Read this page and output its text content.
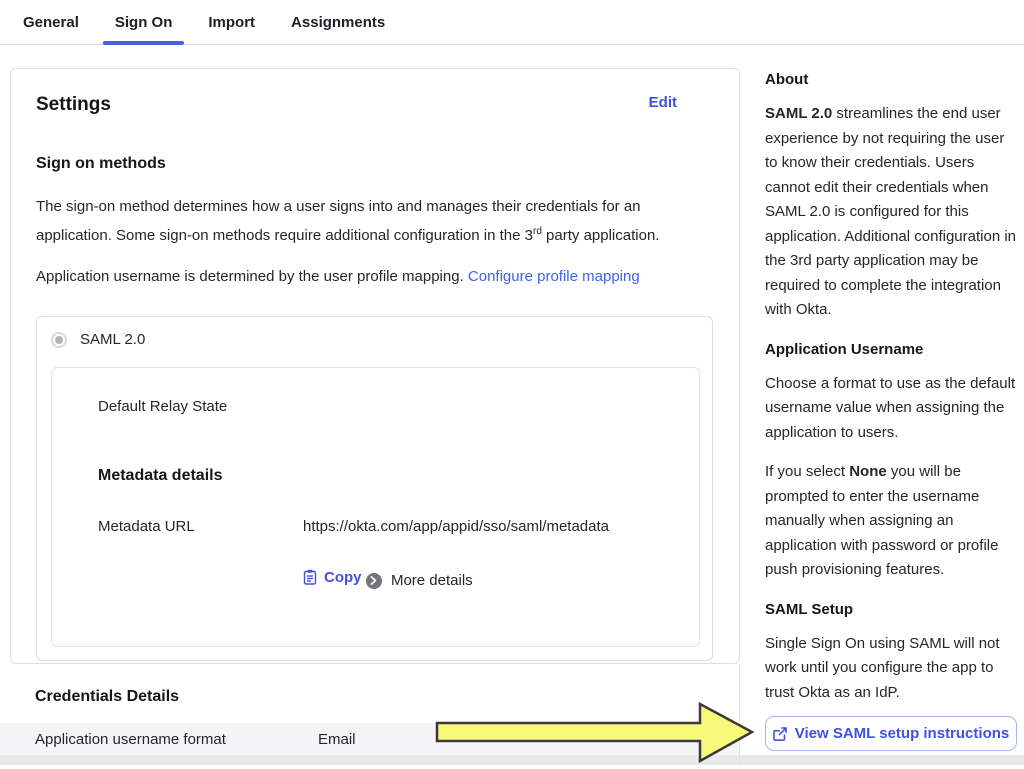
General	Sign On	Import	Assignments
Settings	Edit
Sign on methods

The sign-on method determines how a user signs into and manages their credentials for an application. Some sign-on methods require additional configuration in the 3rd party application.

Application username is determined by the user profile mapping. Configure profile mapping

SAML 2.0
Default Relay State
Metadata details
Metadata URL	https://okta.com/app/appid/sso/saml/metadata
Copy
More details
Credentials Details
About

SAML 2.0 streamlines the end user experience by not requiring the user to know their credentials. Users cannot edit their credentials when SAML 2.0 is configured for this application. Additional configuration in the 3rd party application may be required to complete the integration with Okta.

Application Username

Choose a format to use as the default username value when assigning the application to users.

If you select None you will be prompted to enter the username manually when assigning an application with password or profile push provisioning features.

SAML Setup

Single Sign On using SAML will not work until you configure the app to trust Okta as an IdP.

View SAML setup instructions
Application username format	Email
